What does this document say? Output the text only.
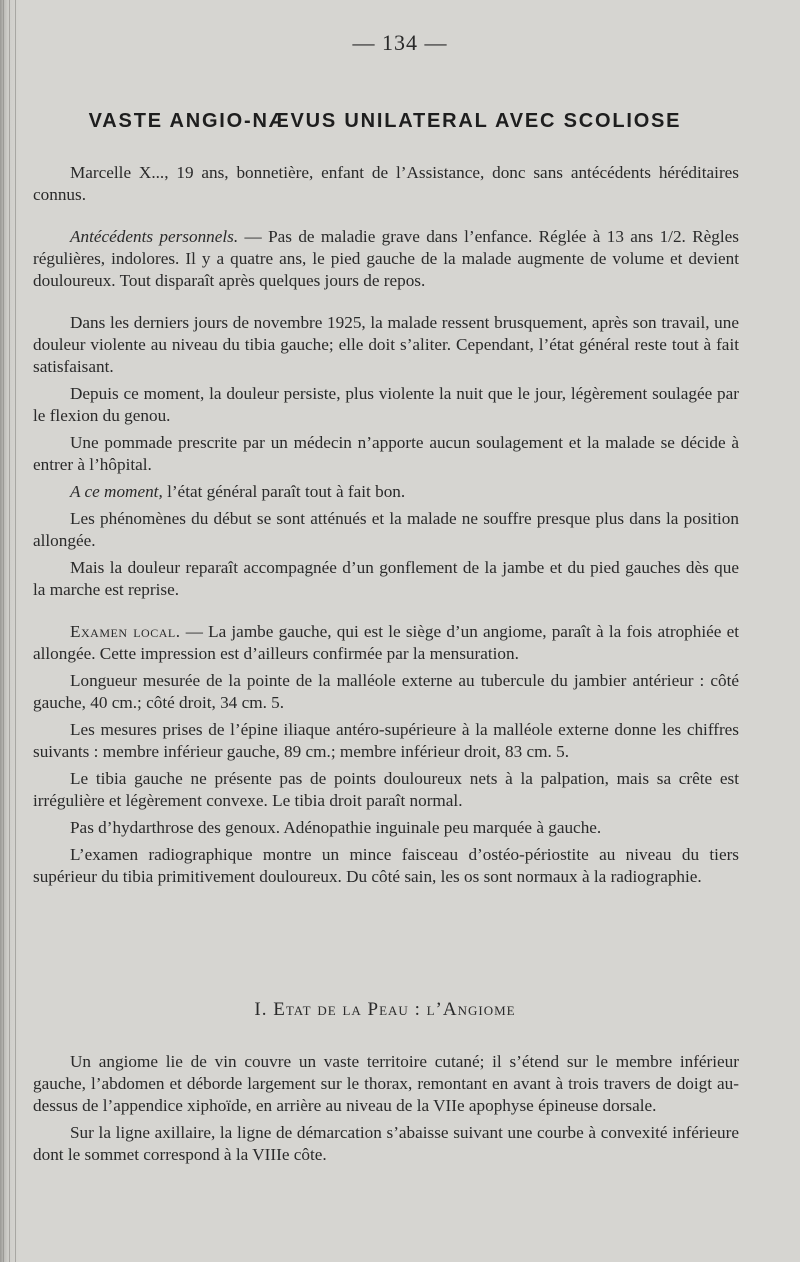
— 134 —
VASTE ANGIO-NÆVUS UNILATERAL AVEC SCOLIOSE

Marcelle X..., 19 ans, bonnetière, enfant de l’Assistance, donc sans antécédents héréditaires connus.

Antécédents personnels. — Pas de maladie grave dans l’enfance. Réglée à 13 ans 1/2. Règles régulières, indolores. Il y a quatre ans, le pied gauche de la malade augmente de volume et devient douloureux. Tout disparaît après quelques jours de repos.

Dans les derniers jours de novembre 1925, la malade ressent brusquement, après son travail, une douleur violente au niveau du tibia gauche; elle doit s’aliter. Cependant, l’état général reste tout à fait satisfaisant.

Depuis ce moment, la douleur persiste, plus violente la nuit que le jour, légèrement soulagée par le flexion du genou.

Une pommade prescrite par un médecin n’apporte aucun soulagement et la malade se décide à entrer à l’hôpital.

A ce moment, l’état général paraît tout à fait bon.

Les phénomènes du début se sont atténués et la malade ne souffre presque plus dans la position allongée.

Mais la douleur reparaît accompagnée d’un gonflement de la jambe et du pied gauches dès que la marche est reprise.

Examen local. — La jambe gauche, qui est le siège d’un angiome, paraît à la fois atrophiée et allongée. Cette impression est d’ailleurs confirmée par la mensuration.

Longueur mesurée de la pointe de la malléole externe au tubercule du jambier antérieur : côté gauche, 40 cm.; côté droit, 34 cm. 5.

Les mesures prises de l’épine iliaque antéro-supérieure à la malléole externe donne les chiffres suivants : membre inférieur gauche, 89 cm.; membre inférieur droit, 83 cm. 5.

Le tibia gauche ne présente pas de points douloureux nets à la palpation, mais sa crête est irrégulière et légèrement convexe. Le tibia droit paraît normal.

Pas d’hydarthrose des genoux. Adénopathie inguinale peu marquée à gauche.

L’examen radiographique montre un mince faisceau d’ostéo-périostite au niveau du tiers supérieur du tibia primitivement douloureux. Du côté sain, les os sont normaux à la radiographie.

I. Etat de la Peau : l’Angiome

Un angiome lie de vin couvre un vaste territoire cutané; il s’étend sur le membre inférieur gauche, l’abdomen et déborde largement sur le thorax, remontant en avant à trois travers de doigt au-dessus de l’appendice xiphoïde, en arrière au niveau de la VIIe apophyse épineuse dorsale.

Sur la ligne axillaire, la ligne de démarcation s’abaisse suivant une courbe à convexité inférieure dont le sommet correspond à la VIIIe côte.
